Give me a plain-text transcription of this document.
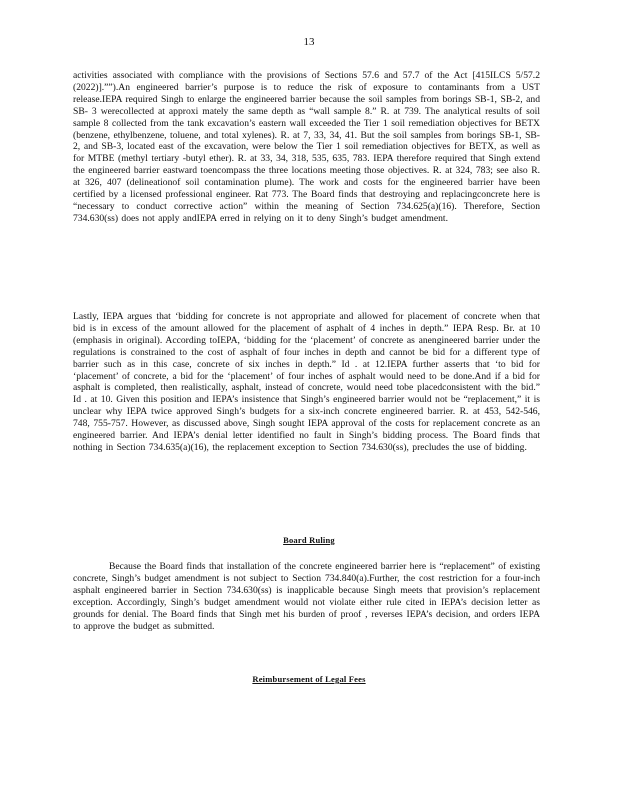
13

activities associated with compliance with the provisions of Sections 57.6 and 57.7 of the Act [415ILCS 5/57.2 (2022)].””).An engineered barrier’s purpose is to reduce the risk of exposure to contaminants from a UST release.IEPA required Singh to enlarge the engineered barrier because the soil samples from borings SB-1, SB-2, and SB- 3 werecollected at approxi mately the same depth as “wall sample 8.” R. at 739. The analytical results of soil sample 8 collected from the tank excavation’s eastern wall exceeded the Tier 1 soil remediation objectives for BETX (benzene, ethylbenzene, toluene, and total xylenes). R. at 7, 33, 34, 41. But the soil samples from borings SB-1, SB-2, and SB-3, located east of the excavation, were below the Tier 1 soil remediation objectives for BETX, as well as for MTBE (methyl tertiary -butyl ether). R. at 33, 34, 318, 535, 635, 783. IEPA therefore required that Singh extend the engineered barrier eastward toencompass the three locations meeting those objectives. R. at 324, 783; see also R. at 326, 407 (delineationof soil contamination plume). The work and costs for the engineered barrier have been certified by a licensed professional engineer. Rat 773. The Board finds that destroying and replacingconcrete here is “necessary to conduct corrective action” within the meaning of Section 734.625(a)(16). Therefore, Section 734.630(ss) does not apply andIEPA erred in relying on it to deny Singh’s budget amendment.

Lastly, IEPA argues that ‘bidding for concrete is not appropriate and allowed for placement of concrete when that bid is in excess of the amount allowed for the placement of asphalt of 4 inches in depth.” IEPA Resp. Br. at 10 (emphasis in original). According toIEPA, ‘bidding for the ‘placement’ of concrete as anengineered barrier under the regulations is constrained to the cost of asphalt of four inches in depth and cannot be bid for a different type of barrier such as in this case, concrete of six inches in depth.” Id . at 12.IEPA further asserts that ‘to bid for ‘placement’ of concrete, a bid for the ‘placement’ of four inches of asphalt would need to be done.And if a bid for asphalt is completed, then realistically, asphalt, instead of concrete, would need tobe placedconsistent with the bid.” Id . at 10. Given this position and IEPA’s insistence that Singh’s engineered barrier would not be “replacement,” it is unclear why IEPA twice approved Singh’s budgets for a six-inch concrete engineered barrier. R. at 453, 542-546, 748, 755-757. However, as discussed above, Singh sought IEPA approval of the costs for replacement concrete as an engineered barrier. And IEPA’s denial letter identified no fault in Singh’s bidding process. The Board finds that nothing in Section 734.635(a)(16), the replacement exception to Section 734.630(ss), precludes the use of bidding.

Board Ruling

Because the Board finds that installation of the concrete engineered barrier here is “replacement” of existing concrete, Singh’s budget amendment is not subject to Section 734.840(a).Further, the cost restriction for a four-inch asphalt engineered barrier in Section 734.630(ss) is inapplicable because Singh meets that provision’s replacement exception. Accordingly, Singh’s budget amendment would not violate either rule cited in IEPA’s decision letter as grounds for denial. The Board finds that Singh met his burden of proof , reverses IEPA’s decision, and orders IEPA to approve the budget as submitted.

Reimbursement of Legal Fees
